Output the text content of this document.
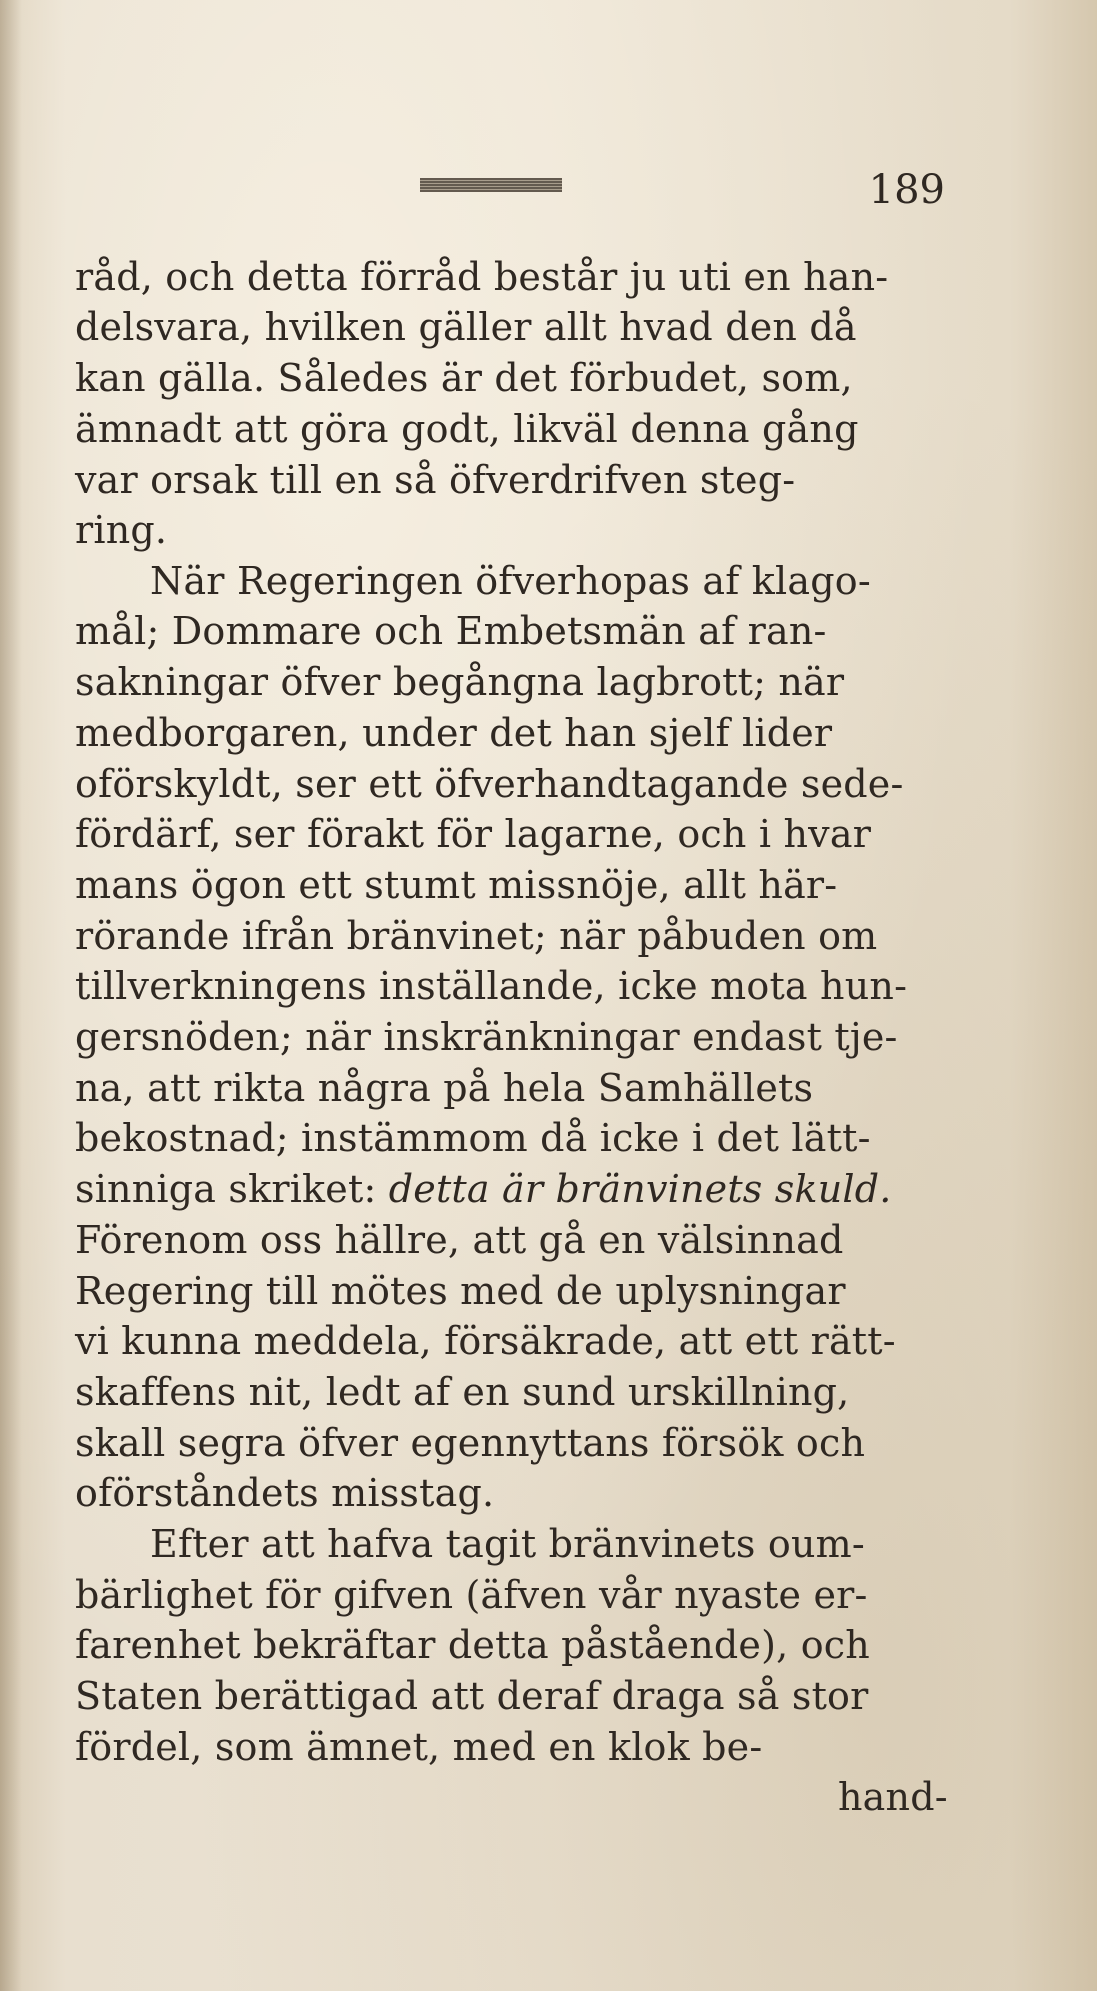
189
råd, och detta förråd består ju uti en han-
delsvara, hvilken gäller allt hvad den då
kan gälla. Således är det förbudet, som,
ämnadt att göra godt, likväl denna gång
var orsak till en så öfverdrifven steg-
ring.
När Regeringen öfverhopas af klago-
mål; Dommare och Embetsmän af ran-
sakningar öfver begångna lagbrott; när
medborgaren, under det han sjelf lider
oförskyldt, ser ett öfverhandtagande sede-
fördärf, ser förakt för lagarne, och i hvar
mans ögon ett stumt missnöje, allt här-
rörande ifrån bränvinet; när påbuden om
tillverkningens inställande, icke mota hun-
gersnöden; när inskränkningar endast tje-
na, att rikta några på hela Samhällets
bekostnad; instämmom då icke i det lätt-
sinniga skriket: detta är bränvinets skuld.
Förenom oss hällre, att gå en välsinnad
Regering till mötes med de uplysningar
vi kunna meddela, försäkrade, att ett rätt-
skaffens nit, ledt af en sund urskillning,
skall segra öfver egennyttans försök och
oförståndets misstag.
Efter att hafva tagit bränvinets oum-
bärlighet för gifven (äfven vår nyaste er-
farenhet bekräftar detta påstående), och
Staten berättigad att deraf draga så stor
fördel, som ämnet, med en klok be-
hand-
